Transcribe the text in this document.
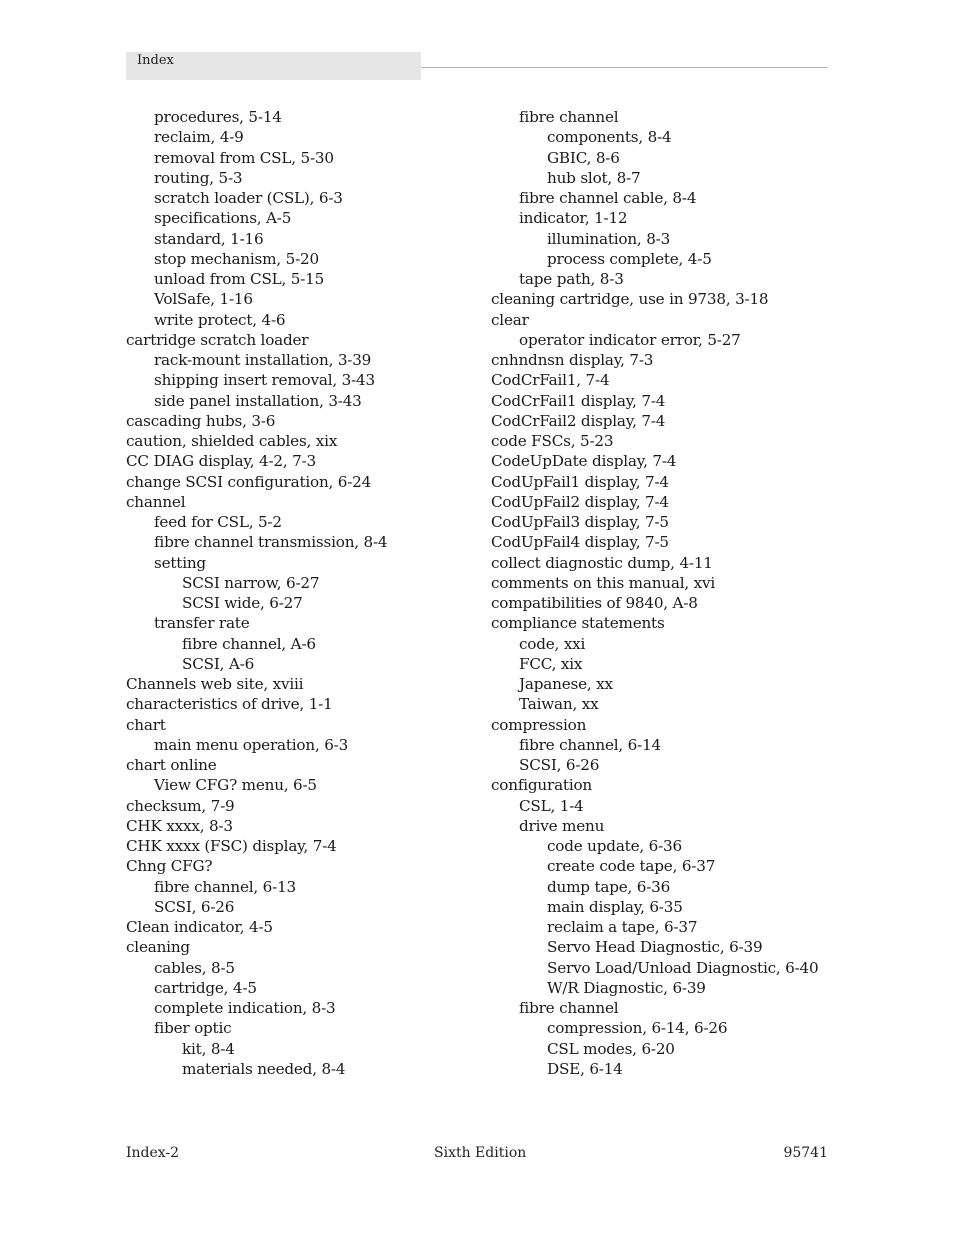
Index
procedures, 5-14
reclaim, 4-9
removal from CSL, 5-30
routing, 5-3
scratch loader (CSL), 6-3
specifications, A-5
standard, 1-16
stop mechanism, 5-20
unload from CSL, 5-15
VolSafe, 1-16
write protect, 4-6
cartridge scratch loader
rack-mount installation, 3-39
shipping insert removal, 3-43
side panel installation, 3-43
cascading hubs, 3-6
caution, shielded cables, xix
CC DIAG display, 4-2, 7-3
change SCSI configuration, 6-24
channel
feed for CSL, 5-2
fibre channel transmission, 8-4
setting
SCSI narrow, 6-27
SCSI wide, 6-27
transfer rate
fibre channel, A-6
SCSI, A-6
Channels web site, xviii
characteristics of drive, 1-1
chart
main menu operation, 6-3
chart online
View CFG? menu, 6-5
checksum, 7-9
CHK xxxx, 8-3
CHK xxxx (FSC) display, 7-4
Chng CFG?
fibre channel, 6-13
SCSI, 6-26
Clean indicator, 4-5
cleaning
cables, 8-5
cartridge, 4-5
complete indication, 8-3
fiber optic
kit, 8-4
materials needed, 8-4
fibre channel
components, 8-4
GBIC, 8-6
hub slot, 8-7
fibre channel cable, 8-4
indicator, 1-12
illumination, 8-3
process complete, 4-5
tape path, 8-3
cleaning cartridge, use in 9738, 3-18
clear
operator indicator error, 5-27
cnhndnsn display, 7-3
CodCrFail1, 7-4
CodCrFail1 display, 7-4
CodCrFail2 display, 7-4
code FSCs, 5-23
CodeUpDate display, 7-4
CodUpFail1 display, 7-4
CodUpFail2 display, 7-4
CodUpFail3 display, 7-5
CodUpFail4 display, 7-5
collect diagnostic dump, 4-11
comments on this manual, xvi
compatibilities of 9840, A-8
compliance statements
code, xxi
FCC, xix
Japanese, xx
Taiwan, xx
compression
fibre channel, 6-14
SCSI, 6-26
configuration
CSL, 1-4
drive menu
code update, 6-36
create code tape, 6-37
dump tape, 6-36
main display, 6-35
reclaim a tape, 6-37
Servo Head Diagnostic, 6-39
Servo Load/Unload Diagnostic, 6-40
W/R Diagnostic, 6-39
fibre channel
compression, 6-14, 6-26
CSL modes, 6-20
DSE, 6-14
Index-2	Sixth Edition	95741
